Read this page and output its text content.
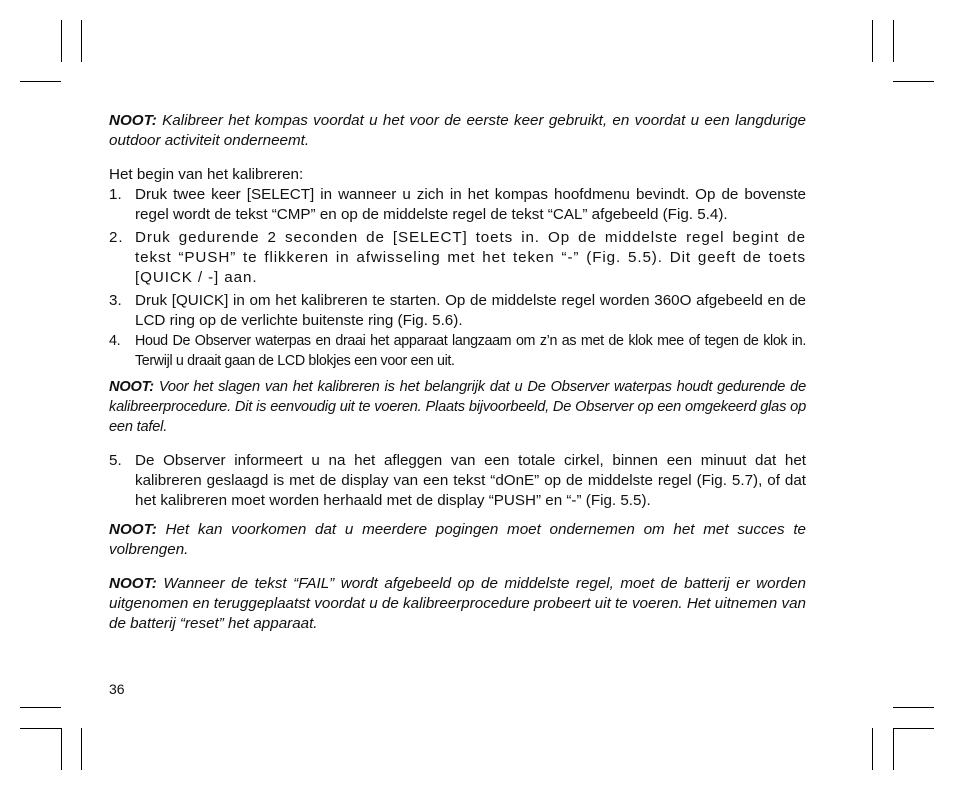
NOOT: Kalibreer het kompas voordat u het voor de eerste keer gebruikt, en voordat u een langdurige outdoor activiteit onderneemt.

Het begin van het kalibreren:

1. Druk twee keer [SELECT] in wanneer u zich in het kompas hoofdmenu bevindt. Op de bovenste regel wordt de tekst “CMP” en op de middelste regel de tekst “CAL” afgebeeld (Fig. 5.4).
2. Druk gedurende 2 seconden de [SELECT] toets in. Op de middelste regel begint de tekst “PUSH” te flikkeren in afwisseling met het teken “-” (Fig. 5.5). Dit geeft de toets [QUICK / -] aan.
3. Druk [QUICK] in om het kalibreren te starten. Op de middelste regel worden 360O afgebeeld en de LCD ring op de verlichte buitenste ring (Fig. 5.6).
4. Houd De Observer waterpas en draai het apparaat langzaam om z’n as met de klok mee of tegen de klok in. Terwijl u draait gaan de LCD blokjes een voor een uit.

NOOT: Voor het slagen van het kalibreren is het belangrijk dat u De Observer waterpas houdt gedurende de kalibreerprocedure. Dit is eenvoudig uit te voeren. Plaats bijvoorbeeld, De Observer op een omgekeerd glas op een tafel.

5. De Observer informeert u na het afleggen van een totale cirkel, binnen een minuut dat het kalibreren geslaagd is met de display van een tekst “dOnE” op de middelste regel (Fig. 5.7), of dat het kalibreren moet worden herhaald met de display “PUSH” en “-” (Fig. 5.5).

NOOT: Het kan voorkomen dat u meerdere pogingen moet ondernemen om het met succes te volbrengen.

NOOT: Wanneer de tekst “FAIL” wordt afgebeeld op de middelste regel, moet de batterij er worden uitgenomen en teruggeplaatst voordat u de kalibreerprocedure probeert uit te voeren. Het uitnemen van de batterij “reset” het apparaat.

36
